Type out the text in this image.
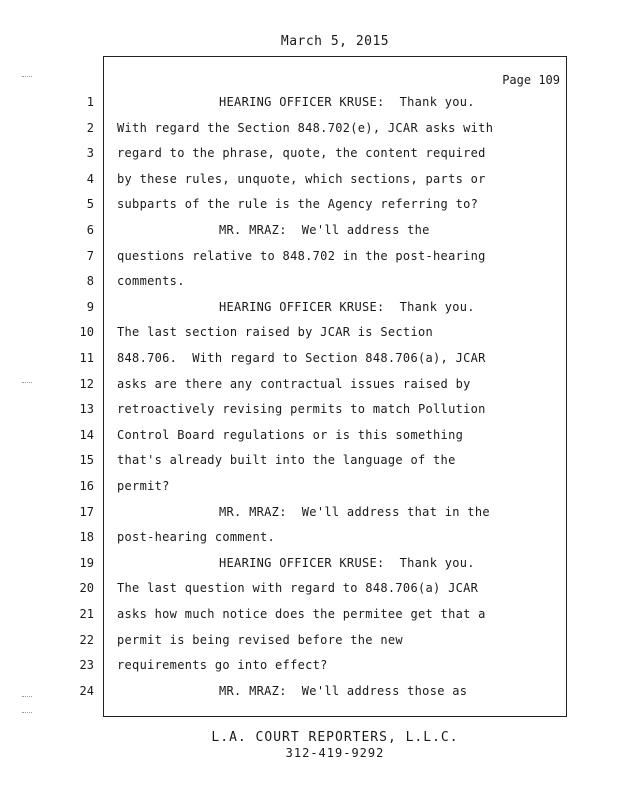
March 5, 2015
Page 109
1	HEARING OFFICER KRUSE:  Thank you.
2 With regard the Section 848.702(e), JCAR asks with
3 regard to the phrase, quote, the content required
4 by these rules, unquote, which sections, parts or
5 subparts of the rule is the Agency referring to?
6	MR. MRAZ:  We'll address the
7 questions relative to 848.702 in the post-hearing
8 comments.
9	HEARING OFFICER KRUSE:  Thank you.
10 The last section raised by JCAR is Section
11 848.706.  With regard to Section 848.706(a), JCAR
12 asks are there any contractual issues raised by
13 retroactively revising permits to match Pollution
14 Control Board regulations or is this something
15 that's already built into the language of the
16 permit?
17	MR. MRAZ:  We'll address that in the
18 post-hearing comment.
19	HEARING OFFICER KRUSE:  Thank you.
20 The last question with regard to 848.706(a) JCAR
21 asks how much notice does the permitee get that a
22 permit is being revised before the new
23 requirements go into effect?
24	MR. MRAZ:  We'll address those as
L.A. COURT REPORTERS, L.L.C.
312-419-9292
